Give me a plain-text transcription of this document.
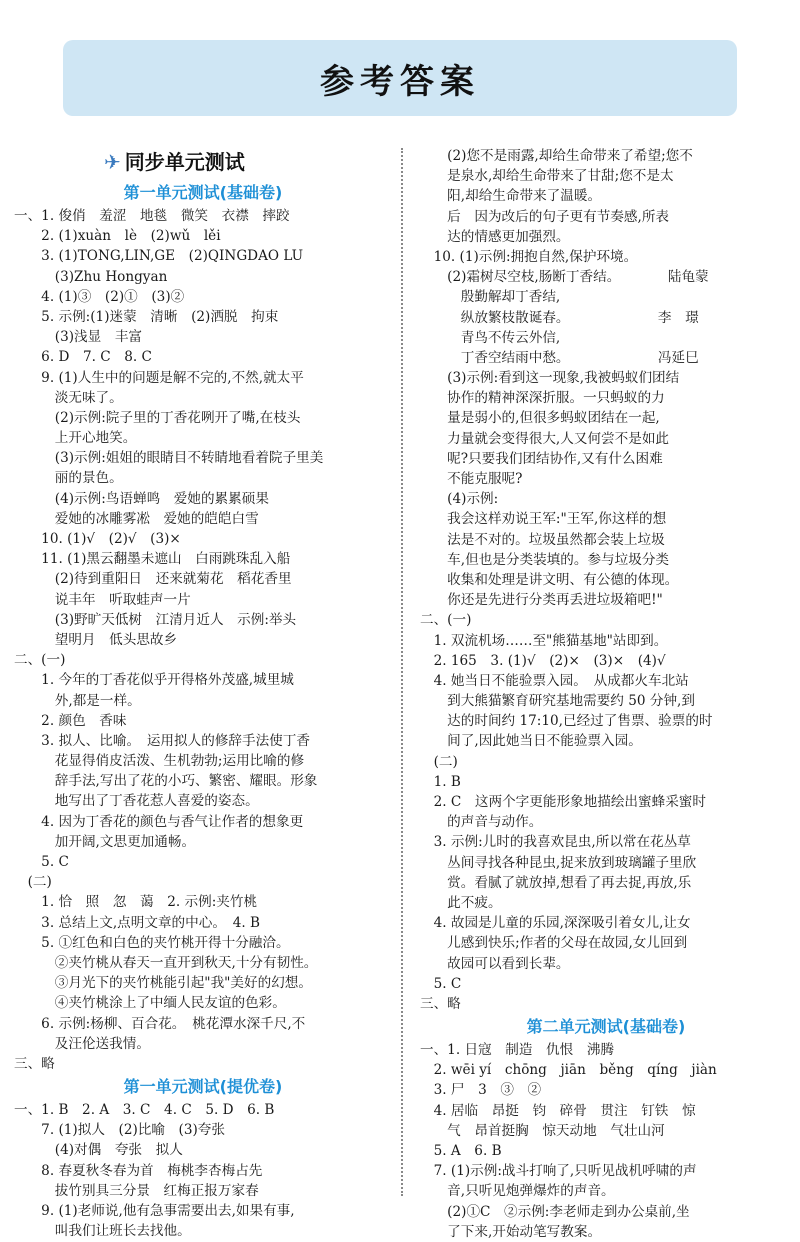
参考答案
✈ 同步单元测试
第一单元测试(基础卷)
一、1. 俊俏　羞涩　地毯　微笑　衣襟　摔跤
　　2. (1)xuàn　lè　(2)wǔ　lěi
　　3. (1)TONG,LIN,GE　(2)QINGDAO LU
　　　(3)Zhu Hongyan
　　4. (1)③　(2)①　(3)②
　　5. 示例:(1)迷蒙　清晰　(2)洒脱　拘束
　　　(3)浅显　丰富
　　6. D　7. C　8. C
　　9. (1)人生中的问题是解不完的,不然,就太平
　　　淡无味了。
　　　(2)示例:院子里的丁香花咧开了嘴,在枝头
　　　上开心地笑。
　　　(3)示例:姐姐的眼睛目不转睛地看着院子里美
　　　丽的景色。
　　　(4)示例:鸟语蝉鸣　爱她的累累硕果
　　　爱她的冰雕雾凇　爱她的皑皑白雪
　　10. (1)√　(2)√　(3)×
　　11. (1)黑云翻墨未遮山　白雨跳珠乱入船
　　　(2)待到重阳日　还来就菊花　稻花香里
　　　说丰年　听取蛙声一片
　　　(3)野旷天低树　江清月近人　示例:举头
　　　望明月　低头思故乡
二、(一)
　　1. 今年的丁香花似乎开得格外茂盛,城里城
　　　外,都是一样。
　　2. 颜色　香味
　　3. 拟人、比喻。　运用拟人的修辞手法使丁香
　　　花显得俏皮活泼、生机勃勃;运用比喻的修
　　　辞手法,写出了花的小巧、繁密、耀眼。形象
　　　地写出了丁香花惹人喜爱的姿态。
　　4. 因为丁香花的颜色与香气让作者的想象更
　　　加开阔,文思更加通畅。
　　5. C
　(二)
　　1. 恰　照　忽　蔼　2. 示例:夹竹桃
　　3. 总结上文,点明文章的中心。　4. B
　　5. ①红色和白色的夹竹桃开得十分融洽。
　　　②夹竹桃从春天一直开到秋天,十分有韧性。
　　　③月光下的夹竹桃能引起"我"美好的幻想。
　　　④夹竹桃涂上了中缅人民友谊的色彩。
　　6. 示例:杨柳、百合花。　桃花潭水深千尺,不
　　　及汪伦送我情。
三、略
第一单元测试(提优卷)
一、1. B　2. A　3. C　4. C　5. D　6. B
　　7. (1)拟人　(2)比喻　(3)夸张
　　　(4)对偶　夸张　拟人
　　8. 春夏秋冬春为首　梅桃李杏梅占先
　　　拔竹别具三分景　红梅正报万家春
　　9. (1)老师说,他有急事需要出去,如果有事,
　　　叫我们让班长去找他。
　　(2)您不是雨露,却给生命带来了希望;您不
　　是泉水,却给生命带来了甘甜;您不是太
　　阳,却给生命带来了温暖。
　　后　因为改后的句子更有节奏感,所表
　　达的情感更加强烈。
　10. (1)示例:拥抱自然,保护环境。
　　(2)霜树尽空枝,肠断丁香结。　　　　陆龟蒙
　　　殷勤解却丁香结,
　　　纵放繁枝散诞春。　　　　　　　李　璟
　　　青鸟不传云外信,
　　　丁香空结雨中愁。　　　　　　　冯延巳
　　(3)示例:看到这一现象,我被蚂蚁们团结
　　协作的精神深深折服。一只蚂蚁的力
　　量是弱小的,但很多蚂蚁团结在一起,
　　力量就会变得很大,人又何尝不是如此
　　呢?只要我们团结协作,又有什么困难
　　不能克服呢?
　　(4)示例:
　　我会这样劝说王军:"王军,你这样的想
　　法是不对的。垃圾虽然都会装上垃圾
　　车,但也是分类装填的。参与垃圾分类
　　收集和处理是讲文明、有公德的体现。
　　你还是先进行分类再丢进垃圾箱吧!"
二、(一)
　1. 双流机场……至"熊猫基地"站即到。
　2. 165　3. (1)√　(2)×　(3)×　(4)√
　4. 她当日不能验票入园。　从成都火车北站
　　到大熊猫繁育研究基地需要约 50 分钟,到
　　达的时间约 17:10,已经过了售票、验票的时
　　间了,因此她当日不能验票入园。
　(二)
　1. B
　2. C　这两个字更能形象地描绘出蜜蜂采蜜时
　　的声音与动作。
　3. 示例:儿时的我喜欢昆虫,所以常在花丛草
　　丛间寻找各种昆虫,捉来放到玻璃罐子里欣
　　赏。看腻了就放掉,想看了再去捉,再放,乐
　　此不疲。
　4. 故园是儿童的乐园,深深吸引着女儿,让女
　　儿感到快乐;作者的父母在故园,女儿回到
　　故园可以看到长辈。
　5. C
三、略
第二单元测试(基础卷)
一、1. 日寇　制造　仇恨　沸腾
　2. wēi yí　chōng　jiān　běng　qíng　jiàn
　3. 尸　3　③　②
　4. 居临　昂挺　钧　碎骨　贯注　钉铁　惊
　　气　昂首挺胸　惊天动地　气壮山河
　5. A　6. B
　7. (1)示例:战斗打响了,只听见战机呼啸的声
　　音,只听见炮弹爆炸的声音。
　　(2)①C　②示例:李老师走到办公桌前,坐
　　了下来,开始动笔写教案。
